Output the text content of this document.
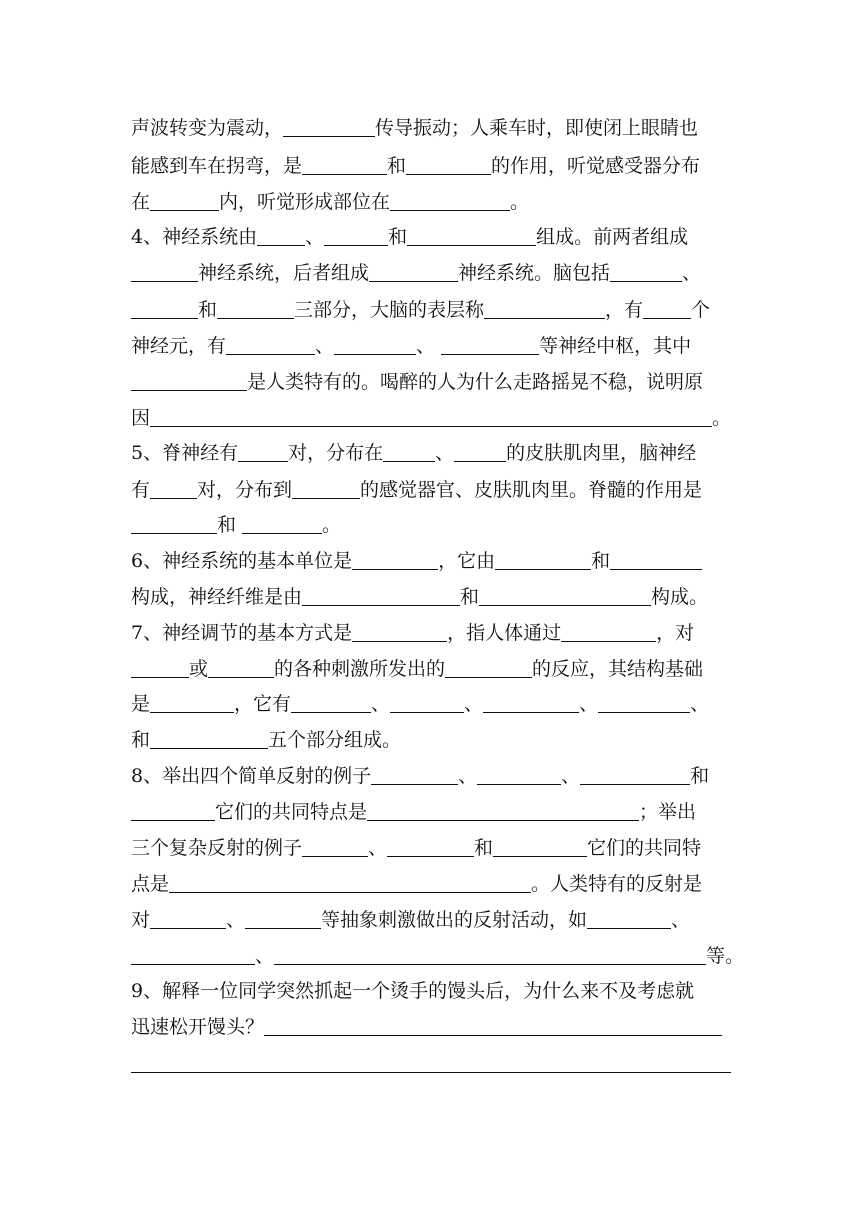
声波转变为震动，	传导振动；人乘车时，即使闭上眼睛也
能感到车在拐弯，是	和	的作用，听觉感受器分布
在	内，听觉形成部位在	。
4、神经系统由	、	和	组成。前两者组成
神经系统，后者组成	神经系统。脑包括	、
和	三部分，大脑的表层称	，有	个
神经元，有	、	、	等神经中枢，其中
是人类特有的。喝醉的人为什么走路摇晃不稳，说明原
因	。
5、脊神经有	对，分布在	、	的皮肤肌肉里，脑神经
有 对，分布到	的感觉器官、皮肤肌肉里。脊髓的作用是
和	。
6、神经系统的基本单位是	，它由	和
构成，神经纤维是由	和	构成。
7、神经调节的基本方式是	，指人体通过	，对
或	的各种刺激所发出的	的反应，其结构基础
是	，它有	、	、	、	、
和	五个部分组成。
8、举出四个简单反射的例子	、	、	和
它们的共同特点是	；举出
三个复杂反射的例子	、	和	它们的共同特
点是	。人类特有的反射是
对	、	等抽象刺激做出的反射活动，如	、
、	等。
9、解释一位同学突然抓起一个烫手的馒头后，为什么来不及考虑就
迅速松开馒头？
